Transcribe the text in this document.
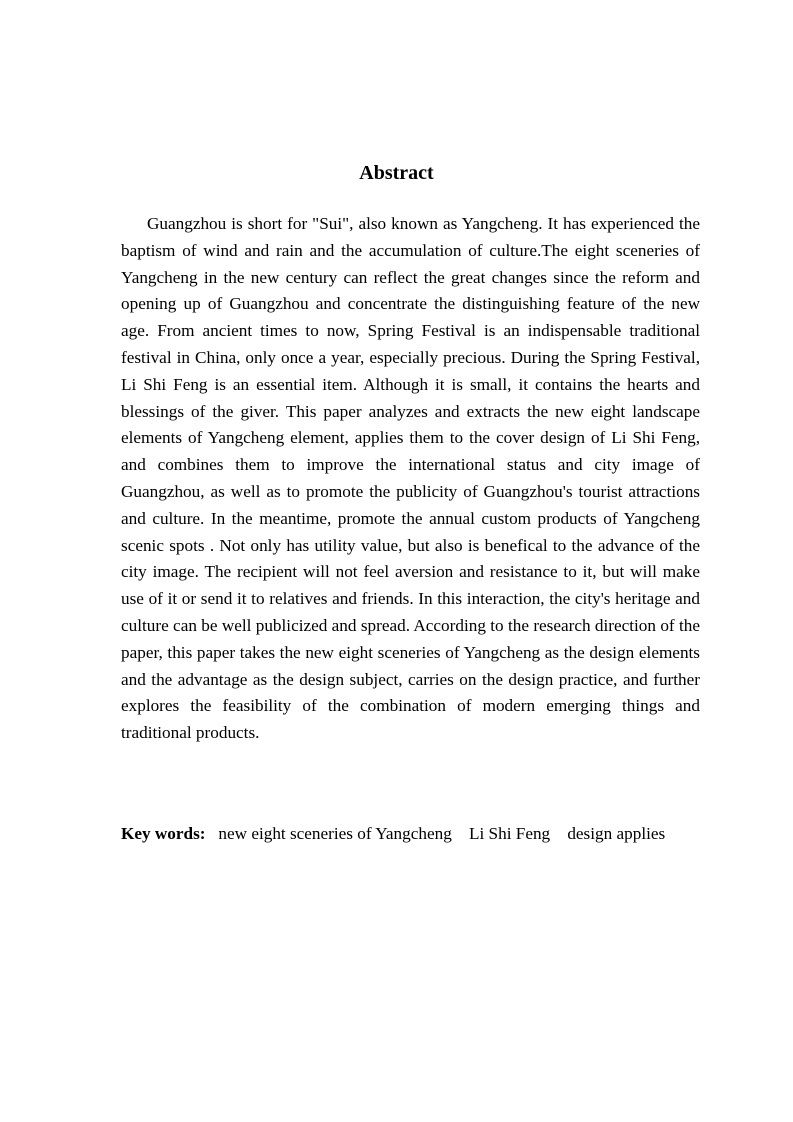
Abstract

Guangzhou is short for "Sui", also known as Yangcheng. It has experienced the baptism of wind and rain and the accumulation of culture.The eight sceneries of Yangcheng in the new century can reflect the great changes since the reform and opening up of Guangzhou and concentrate the distinguishing feature of the new age. From ancient times to now, Spring Festival is an indispensable traditional festival in China, only once a year, especially precious. During the Spring Festival, Li Shi Feng is an essential item. Although it is small, it contains the hearts and blessings of the giver. This paper analyzes and extracts the new eight landscape elements of Yangcheng element, applies them to the cover design of Li Shi Feng, and combines them to improve the international status and city image of Guangzhou, as well as to promote the publicity of Guangzhou's tourist attractions and culture. In the meantime, promote the annual custom products of Yangcheng scenic spots . Not only has utility value, but also is benefical to the advance of the city image. The recipient will not feel aversion and resistance to it, but will make use of it or send it to relatives and friends. In this interaction, the city's heritage and culture can be well publicized and spread. According to the research direction of the paper, this paper takes the new eight sceneries of Yangcheng as the design elements and the advantage as the design subject, carries on the design practice, and further explores the feasibility of the combination of modern emerging things and traditional products.

Key words:   new eight sceneries of Yangcheng    Li Shi Feng    design applies
